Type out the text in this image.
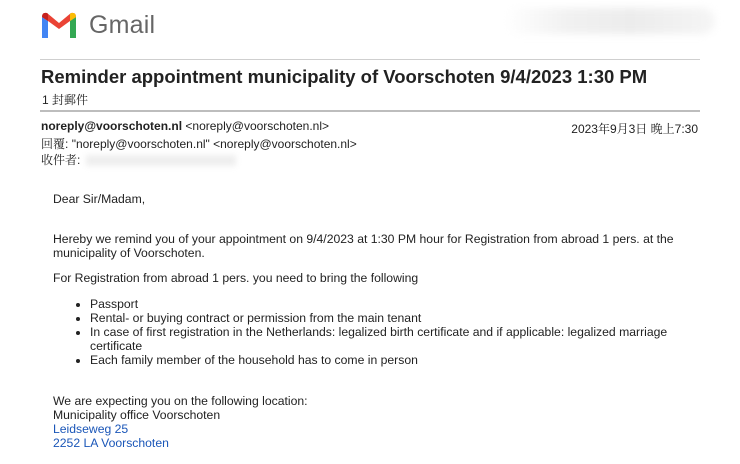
Gmail
Reminder appointment municipality of Voorschoten 9/4/2023 1:30 PM
1 封郵件
noreply@voorschoten.nl <noreply@voorschoten.nl>	2023年9月3日 晚上7:30
回覆: "noreply@voorschoten.nl" <noreply@voorschoten.nl>
收件者:

Dear Sir/Madam,

Hereby we remind you of your appointment on 9/4/2023 at 1:30 PM hour for Registration from abroad 1 pers. at the municipality of Voorschoten.

For Registration from abroad 1 pers. you need to bring the following

• Passport
• Rental- or buying contract or permission from the main tenant
• In case of first registration in the Netherlands: legalized birth certificate and if applicable: legalized marriage certificate
• Each family member of the household has to come in person
We are expecting you on the following location:
Municipality office Voorschoten
Leidseweg 25
2252 LA Voorschoten
